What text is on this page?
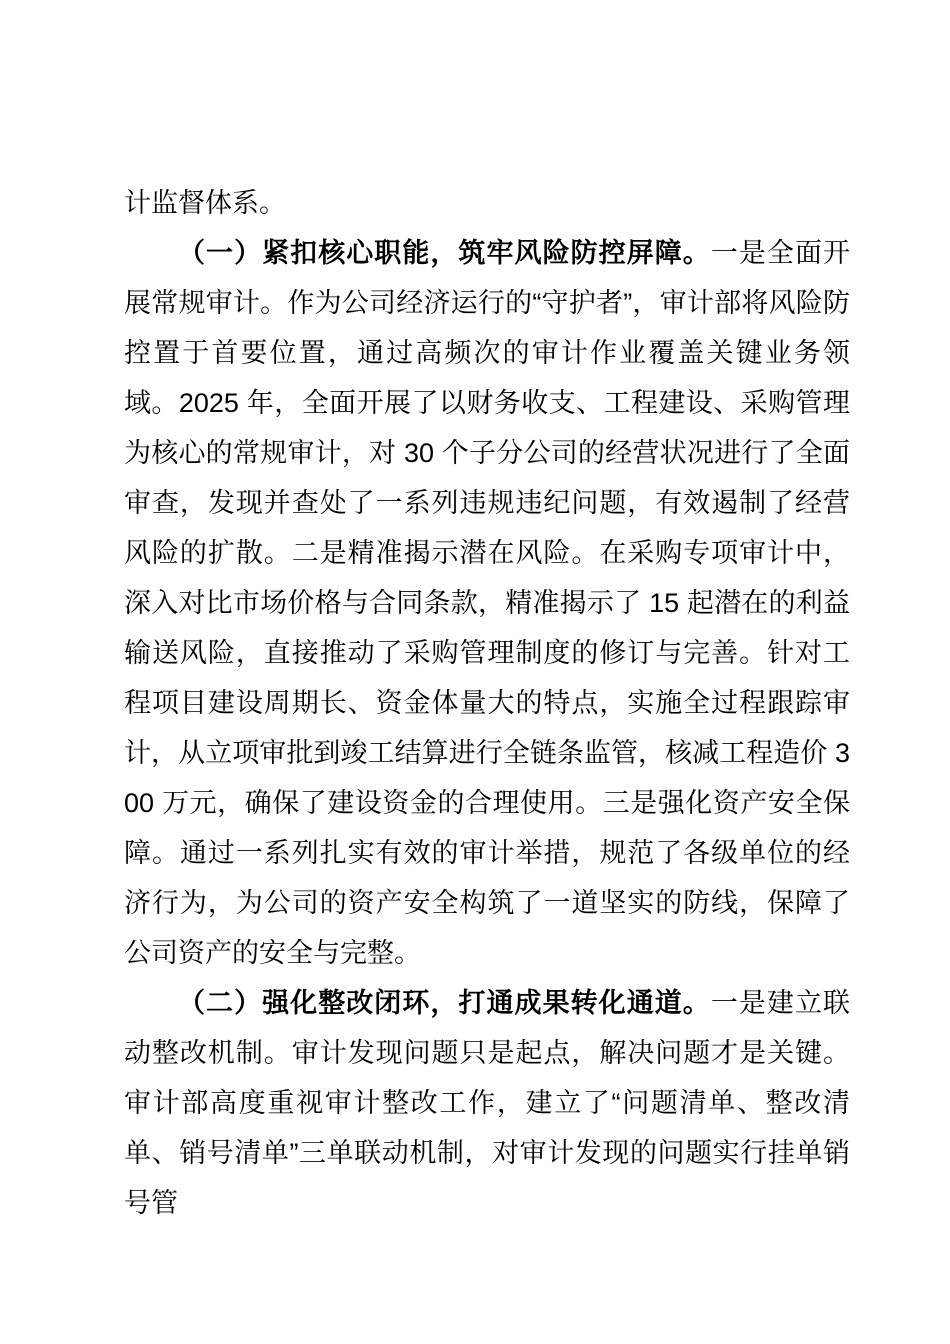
计监督体系。

（一）紧扣核心职能，筑牢风险防控屏障。一是全面开展常规审计。作为公司经济运行的“守护者”，审计部将风险防控置于首要位置，通过高频次的审计作业覆盖关键业务领域。2025 年，全面开展了以财务收支、工程建设、采购管理为核心的常规审计，对 30 个子分公司的经营状况进行了全面审查，发现并查处了一系列违规违纪问题，有效遏制了经营风险的扩散。二是精准揭示潜在风险。在采购专项审计中，深入对比市场价格与合同条款，精准揭示了 15 起潜在的利益输送风险，直接推动了采购管理制度的修订与完善。针对工程项目建设周期长、资金体量大的特点，实施全过程跟踪审计，从立项审批到竣工结算进行全链条监管，核减工程造价 300 万元，确保了建设资金的合理使用。三是强化资产安全保障。通过一系列扎实有效的审计举措，规范了各级单位的经济行为，为公司的资产安全构筑了一道坚实的防线，保障了公司资产的安全与完整。

（二）强化整改闭环，打通成果转化通道。一是建立联动整改机制。审计发现问题只是起点，解决问题才是关键。审计部高度重视审计整改工作，建立了“问题清单、整改清单、销号清单”三单联动机制，对审计发现的问题实行挂单销号管
